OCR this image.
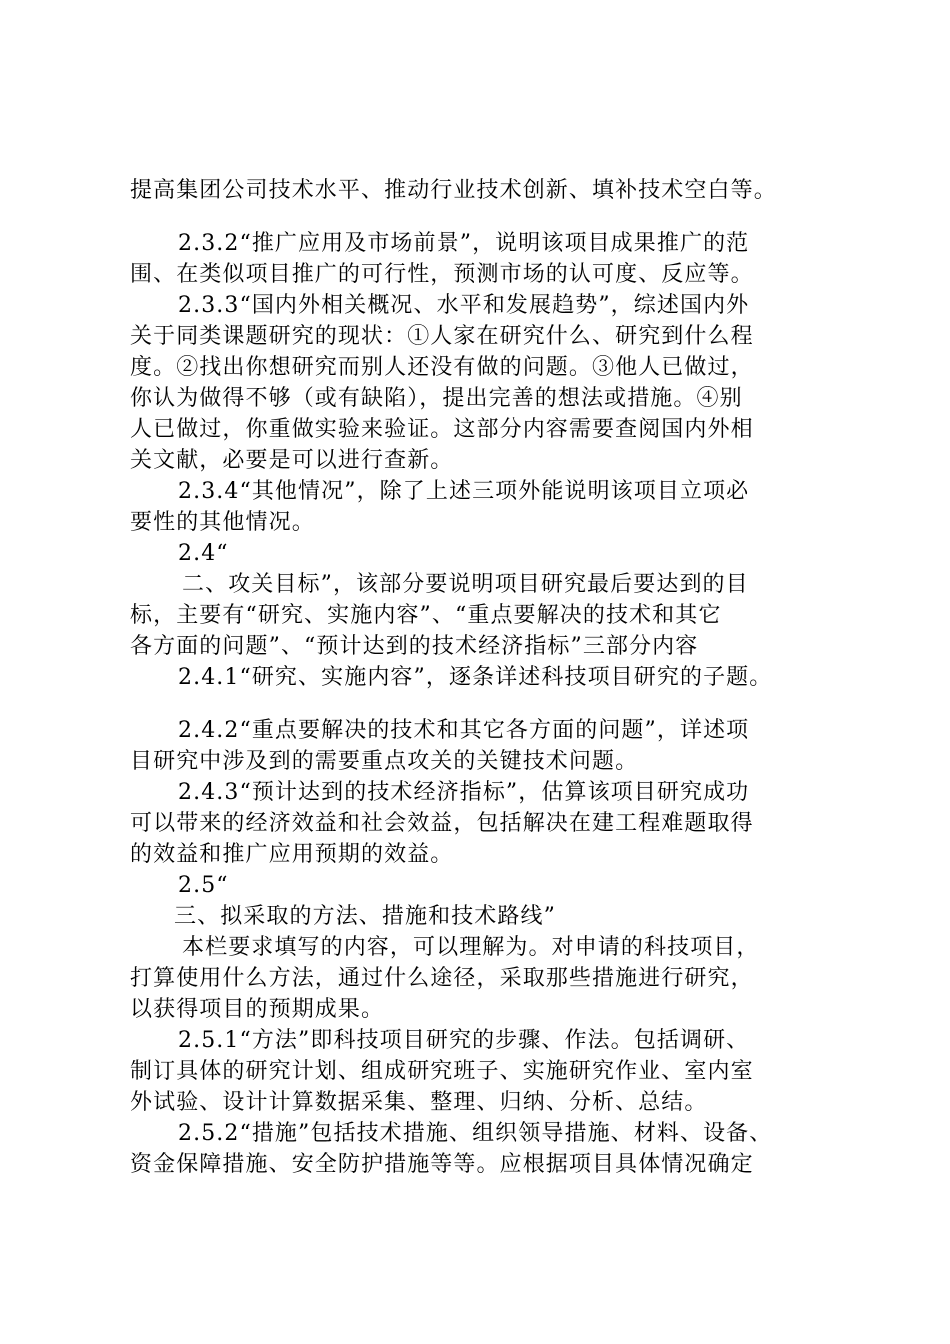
提高集团公司技术水平、推动行业技术创新、填补技术空白等。
2.3.2“推广应用及市场前景”，说明该项目成果推广的范
围、在类似项目推广的可行性，预测市场的认可度、反应等。
2.3.3“国内外相关概况、水平和发展趋势”，综述国内外
关于同类课题研究的现状：①人家在研究什么、研究到什么程
度。②找出你想研究而别人还没有做的问题。③他人已做过，
你认为做得不够（或有缺陷），提出完善的想法或措施。④别
人已做过，你重做实验来验证。这部分内容需要查阅国内外相
关文献，必要是可以进行查新。
2.3.4“其他情况”，除了上述三项外能说明该项目立项必
要性的其他情况。
2.4“
二、攻关目标”，该部分要说明项目研究最后要达到的目
标，主要有“研究、实施内容”、“重点要解决的技术和其它
各方面的问题”、“预计达到的技术经济指标”三部分内容
2.4.1“研究、实施内容”，逐条详述科技项目研究的子题。
2.4.2“重点要解决的技术和其它各方面的问题”，详述项
目研究中涉及到的需要重点攻关的关键技术问题。
2.4.3“预计达到的技术经济指标”，估算该项目研究成功
可以带来的经济效益和社会效益，包括解决在建工程难题取得
的效益和推广应用预期的效益。
2.5“
三、拟采取的方法、措施和技术路线”
本栏要求填写的内容，可以理解为。对申请的科技项目，
打算使用什么方法，通过什么途径，采取那些措施进行研究，
以获得项目的预期成果。
2.5.1“方法”即科技项目研究的步骤、作法。包括调研、
制订具体的研究计划、组成研究班子、实施研究作业、室内室
外试验、设计计算数据采集、整理、归纳、分析、总结。
2.5.2“措施”包括技术措施、组织领导措施、材料、设备、
资金保障措施、安全防护措施等等。应根据项目具体情况确定
